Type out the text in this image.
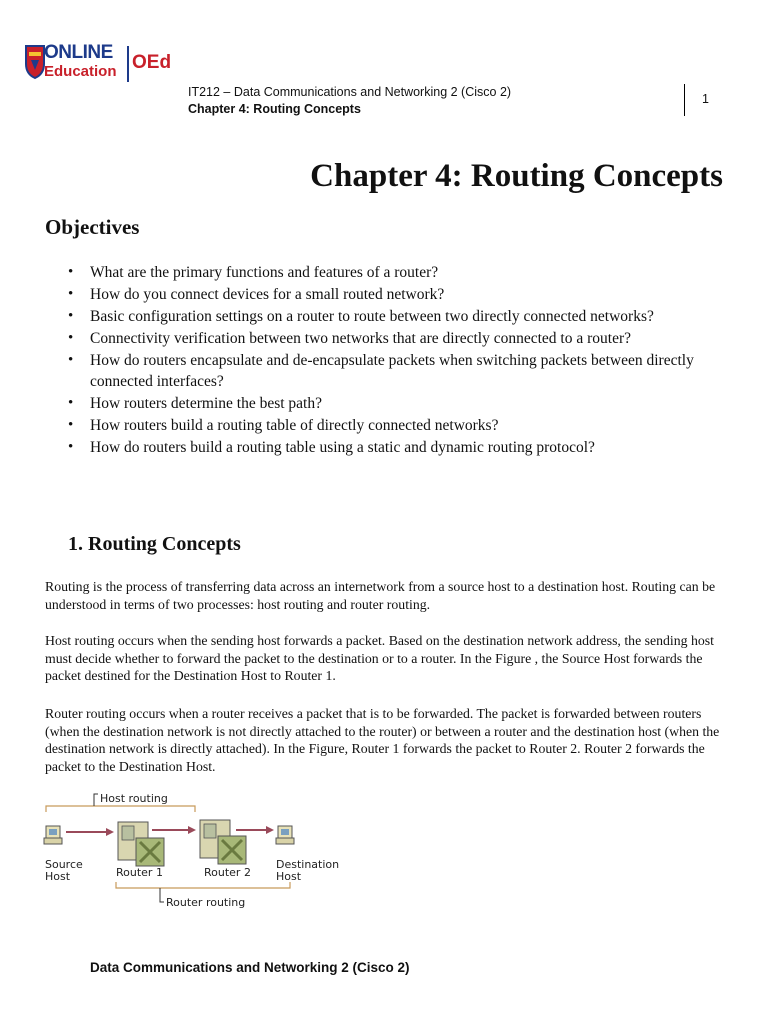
ONLINE
Education OEd
IT212 – Data Communications and Networking 2 (Cisco 2)
Chapter 4: Routing Concepts
1
Chapter 4: Routing Concepts
Objectives
• What are the primary functions and features of a router?
• How do you connect devices for a small routed network?
• Basic configuration settings on a router to route between two directly connected networks?
• Connectivity verification between two networks that are directly connected to a router?
• How do routers encapsulate and de-encapsulate packets when switching packets between directly connected interfaces?
• How routers determine the best path?
• How routers build a routing table of directly connected networks?
• How do routers build a routing table using a static and dynamic routing protocol?
1. Routing Concepts
Routing is the process of transferring data across an internetwork from a source host to a destination host. Routing can be understood in terms of two processes: host routing and router routing.
Host routing occurs when the sending host forwards a packet. Based on the destination network address, the sending host must decide whether to forward the packet to the destination or to a router. In the Figure , the Source Host forwards the packet destined for the Destination Host to Router 1.
Router routing occurs when a router receives a packet that is to be forwarded. The packet is forwarded between routers (when the destination network is not directly attached to the router) or between a router and the destination host (when the destination network is directly attached). In the Figure, Router 1 forwards the packet to Router 2. Router 2 forwards the packet to the Destination Host.
Host routing
Source
Host	Router 1	Router 2
Destination
Host
Router routing
Data Communications and Networking 2 (Cisco 2)
